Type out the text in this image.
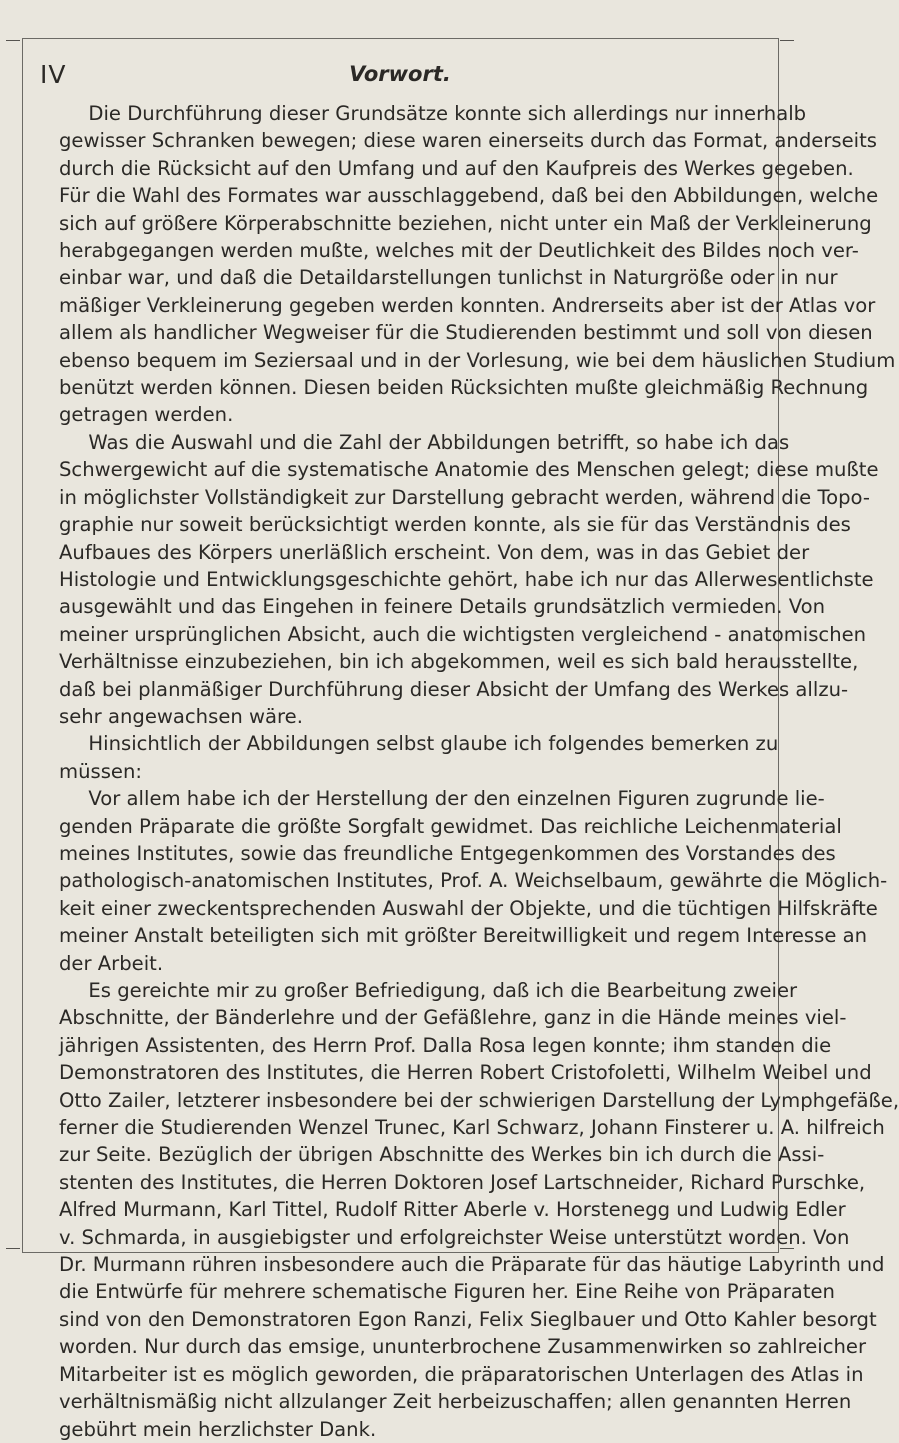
IV	Vorwort.
  Die Durchführung dieser Grundsätze konnte sich allerdings nur innerhalb
gewisser Schranken bewegen; diese waren einerseits durch das Format, anderseits
durch die Rücksicht auf den Umfang und auf den Kaufpreis des Werkes gegeben.
Für die Wahl des Formates war ausschlaggebend, daß bei den Abbildungen, welche
sich auf größere Körperabschnitte beziehen, nicht unter ein Maß der Verkleinerung
herabgegangen werden mußte, welches mit der Deutlichkeit des Bildes noch ver-
einbar war, und daß die Detaildarstellungen tunlichst in Naturgröße oder in nur
mäßiger Verkleinerung gegeben werden konnten. Andrerseits aber ist der Atlas vor
allem als handlicher Wegweiser für die Studierenden bestimmt und soll von diesen
ebenso bequem im Seziersaal und in der Vorlesung, wie bei dem häuslichen Studium
benützt werden können. Diesen beiden Rücksichten mußte gleichmäßig Rechnung
getragen werden.
  Was die Auswahl und die Zahl der Abbildungen betrifft, so habe ich das
Schwergewicht auf die systematische Anatomie des Menschen gelegt; diese mußte
in möglichster Vollständigkeit zur Darstellung gebracht werden, während die Topo-
graphie nur soweit berücksichtigt werden konnte, als sie für das Verständnis des
Aufbaues des Körpers unerläßlich erscheint. Von dem, was in das Gebiet der
Histologie und Entwicklungsgeschichte gehört, habe ich nur das Allerwesentlichste
ausgewählt und das Eingehen in feinere Details grundsätzlich vermieden. Von
meiner ursprünglichen Absicht, auch die wichtigsten vergleichend - anatomischen
Verhältnisse einzubeziehen, bin ich abgekommen, weil es sich bald herausstellte,
daß bei planmäßiger Durchführung dieser Absicht der Umfang des Werkes allzu-
sehr angewachsen wäre.
  Hinsichtlich der Abbildungen selbst glaube ich folgendes bemerken zu
müssen:
  Vor allem habe ich der Herstellung der den einzelnen Figuren zugrunde lie-
genden Präparate die größte Sorgfalt gewidmet. Das reichliche Leichenmaterial
meines Institutes, sowie das freundliche Entgegenkommen des Vorstandes des
pathologisch-anatomischen Institutes, Prof. A. Weichselbaum, gewährte die Möglich-
keit einer zweckentsprechenden Auswahl der Objekte, und die tüchtigen Hilfskräfte
meiner Anstalt beteiligten sich mit größter Bereitwilligkeit und regem Interesse an
der Arbeit.
  Es gereichte mir zu großer Befriedigung, daß ich die Bearbeitung zweier
Abschnitte, der Bänderlehre und der Gefäßlehre, ganz in die Hände meines viel-
jährigen Assistenten, des Herrn Prof. Dalla Rosa legen konnte; ihm standen die
Demonstratoren des Institutes, die Herren Robert Cristofoletti, Wilhelm Weibel und
Otto Zailer, letzterer insbesondere bei der schwierigen Darstellung der Lymphgefäße,
ferner die Studierenden Wenzel Trunec, Karl Schwarz, Johann Finsterer u. A. hilfreich
zur Seite. Bezüglich der übrigen Abschnitte des Werkes bin ich durch die Assi-
stenten des Institutes, die Herren Doktoren Josef Lartschneider, Richard Purschke,
Alfred Murmann, Karl Tittel, Rudolf Ritter Aberle v. Horstenegg und Ludwig Edler
v. Schmarda, in ausgiebigster und erfolgreichster Weise unterstützt worden. Von
Dr. Murmann rühren insbesondere auch die Präparate für das häutige Labyrinth und
die Entwürfe für mehrere schematische Figuren her. Eine Reihe von Präparaten
sind von den Demonstratoren Egon Ranzi, Felix Sieglbauer und Otto Kahler besorgt
worden. Nur durch das emsige, ununterbrochene Zusammenwirken so zahlreicher
Mitarbeiter ist es möglich geworden, die präparatorischen Unterlagen des Atlas in
verhältnismäßig nicht allzulanger Zeit herbeizuschaffen; allen genannten Herren
gebührt mein herzlichster Dank.
